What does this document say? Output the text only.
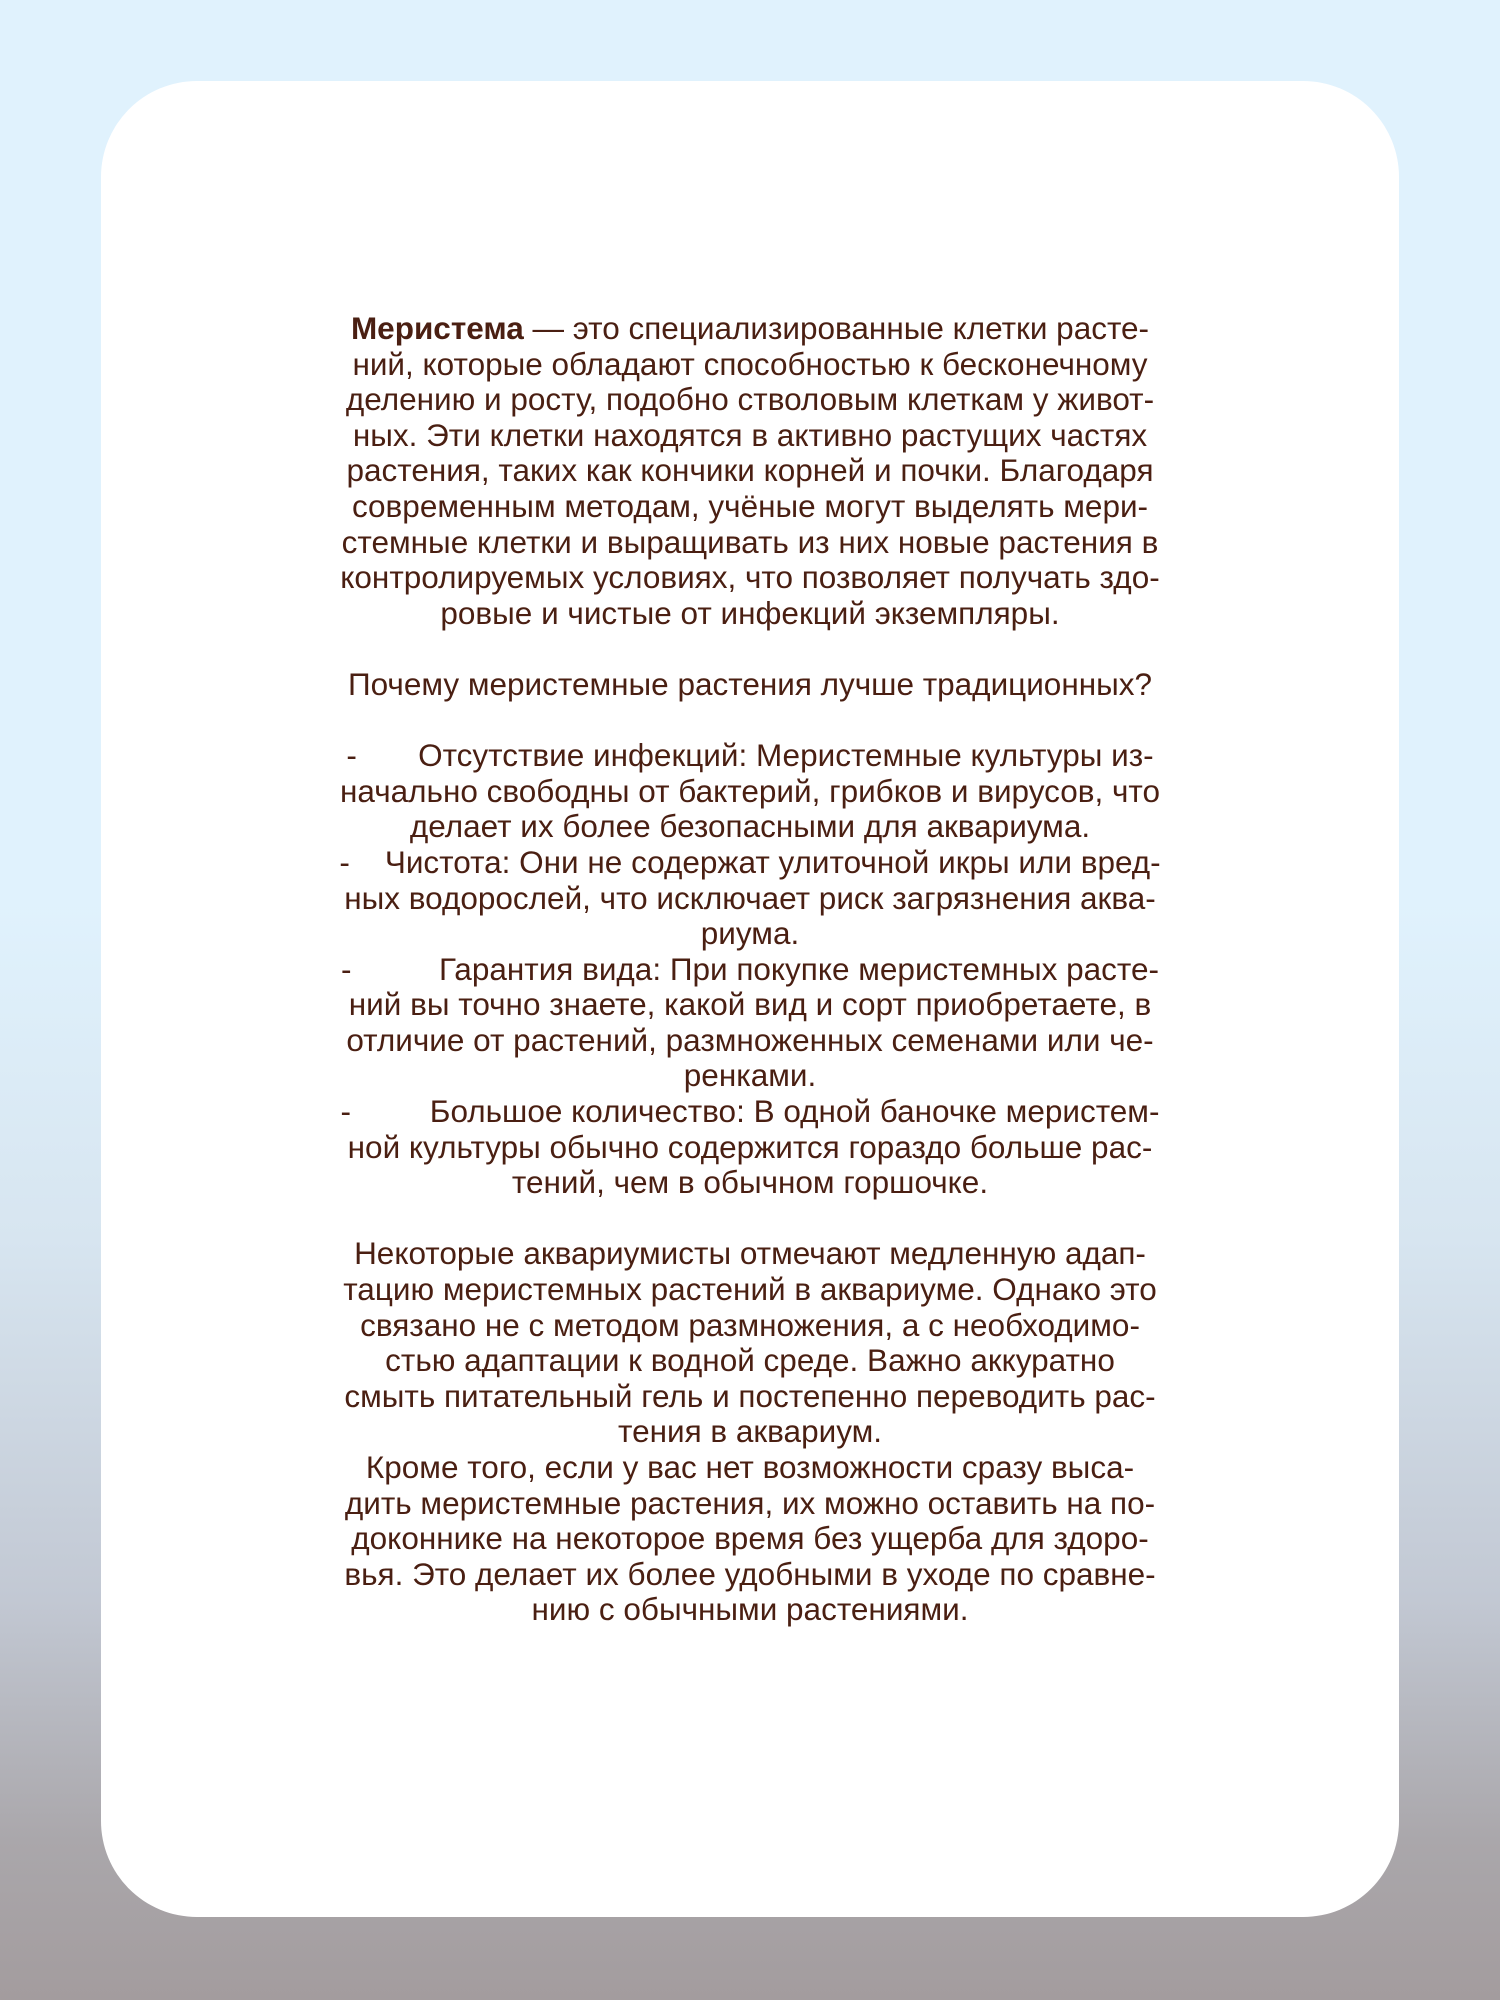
Меристема — это специализированные клетки расте-
ний, которые обладают способностью к бесконечному
делению и росту, подобно стволовым клеткам у живот-
ных. Эти клетки находятся в активно растущих частях
растения, таких как кончики корней и почки. Благодаря
современным методам, учёные могут выделять мери-
стемные клетки и выращивать из них новые растения в
контролируемых условиях, что позволяет получать здо-
ровые и чистые от инфекций экземпляры.
Почему меристемные растения лучше традиционных?
-       Отсутствие инфекций: Меристемные культуры из-
начально свободны от бактерий, грибков и вирусов, что
делает их более безопасными для аквариума.
-    Чистота: Они не содержат улиточной икры или вред-
ных водорослей, что исключает риск загрязнения аква-
риума.
-          Гарантия вида: При покупке меристемных расте-
ний вы точно знаете, какой вид и сорт приобретаете, в
отличие от растений, размноженных семенами или че-
ренками.
-         Большое количество: В одной баночке меристем-
ной культуры обычно содержится гораздо больше рас-
тений, чем в обычном горшочке.
Некоторые аквариумисты отмечают медленную адап-
тацию меристемных растений в аквариуме. Однако это
связано не с методом размножения, а с необходимо-
стью адаптации к водной среде. Важно аккуратно
смыть питательный гель и постепенно переводить рас-
тения в аквариум.
Кроме того, если у вас нет возможности сразу выса-
дить меристемные растения, их можно оставить на по-
доконнике на некоторое время без ущерба для здоро-
вья. Это делает их более удобными в уходе по сравне-
нию с обычными растениями.
